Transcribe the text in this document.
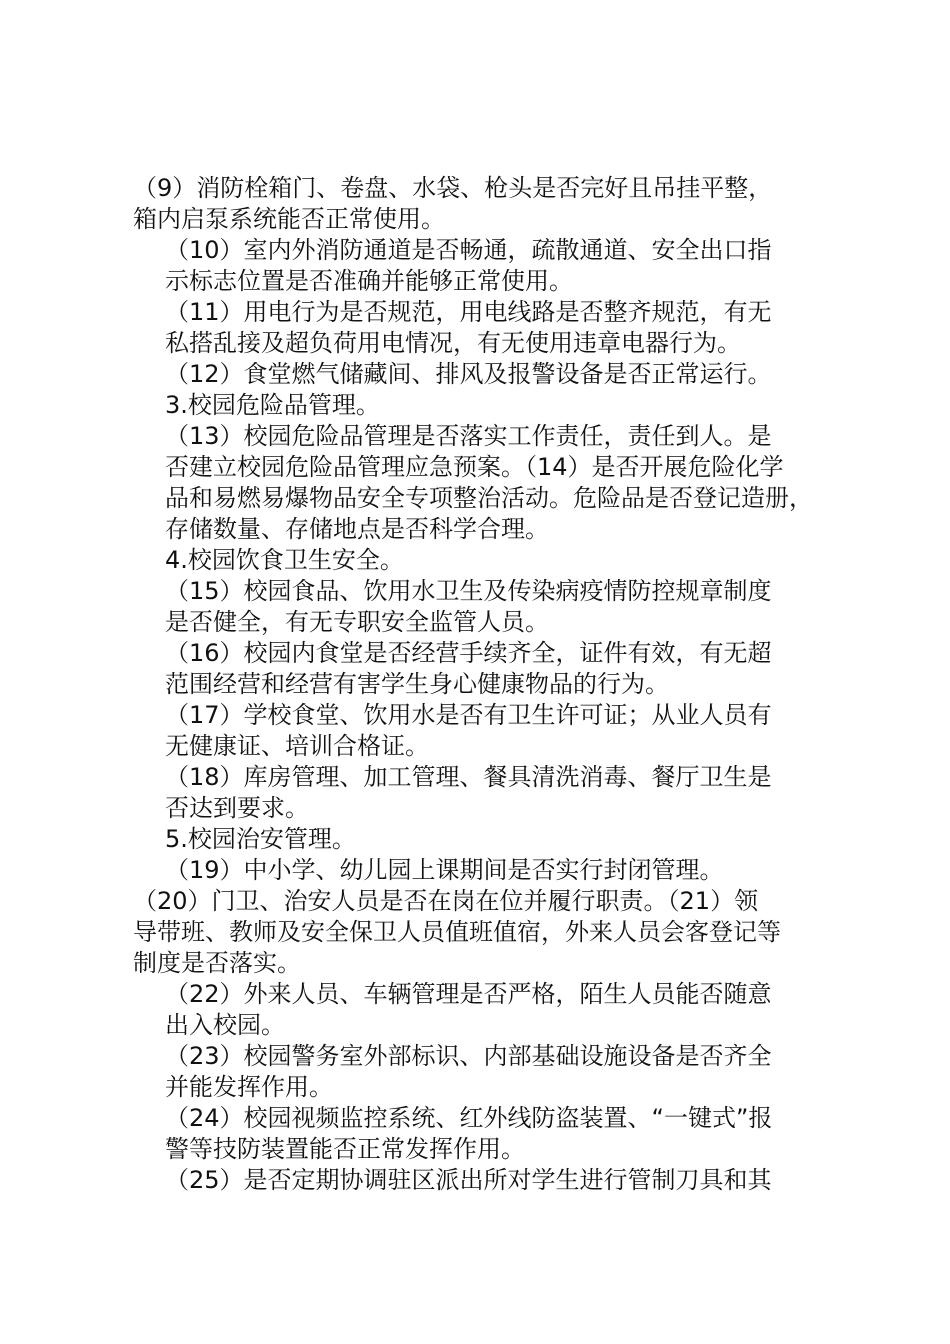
（9）消防栓箱门、卷盘、水袋、枪头是否完好且吊挂平整，
箱内启泵系统能否正常使用。
（10）室内外消防通道是否畅通，疏散通道、安全出口指
示标志位置是否准确并能够正常使用。
（11）用电行为是否规范，用电线路是否整齐规范，有无
私搭乱接及超负荷用电情况，有无使用违章电器行为。
（12）食堂燃气储藏间、排风及报警设备是否正常运行。
3.校园危险品管理。
（13）校园危险品管理是否落实工作责任，责任到人。是
否建立校园危险品管理应急预案。（14）是否开展危险化学
品和易燃易爆物品安全专项整治活动。危险品是否登记造册，
存储数量、存储地点是否科学合理。
4.校园饮食卫生安全。
（15）校园食品、饮用水卫生及传染病疫情防控规章制度
是否健全，有无专职安全监管人员。
（16）校园内食堂是否经营手续齐全，证件有效，有无超
范围经营和经营有害学生身心健康物品的行为。
（17）学校食堂、饮用水是否有卫生许可证；从业人员有
无健康证、培训合格证。
（18）库房管理、加工管理、餐具清洗消毒、餐厅卫生是
否达到要求。
5.校园治安管理。
（19）中小学、幼儿园上课期间是否实行封闭管理。
（20）门卫、治安人员是否在岗在位并履行职责。（21）领
导带班、教师及安全保卫人员值班值宿，外来人员会客登记等
制度是否落实。
（22）外来人员、车辆管理是否严格，陌生人员能否随意
出入校园。
（23）校园警务室外部标识、内部基础设施设备是否齐全
并能发挥作用。
（24）校园视频监控系统、红外线防盗装置、“一键式”报
警等技防装置能否正常发挥作用。
（25）是否定期协调驻区派出所对学生进行管制刀具和其
